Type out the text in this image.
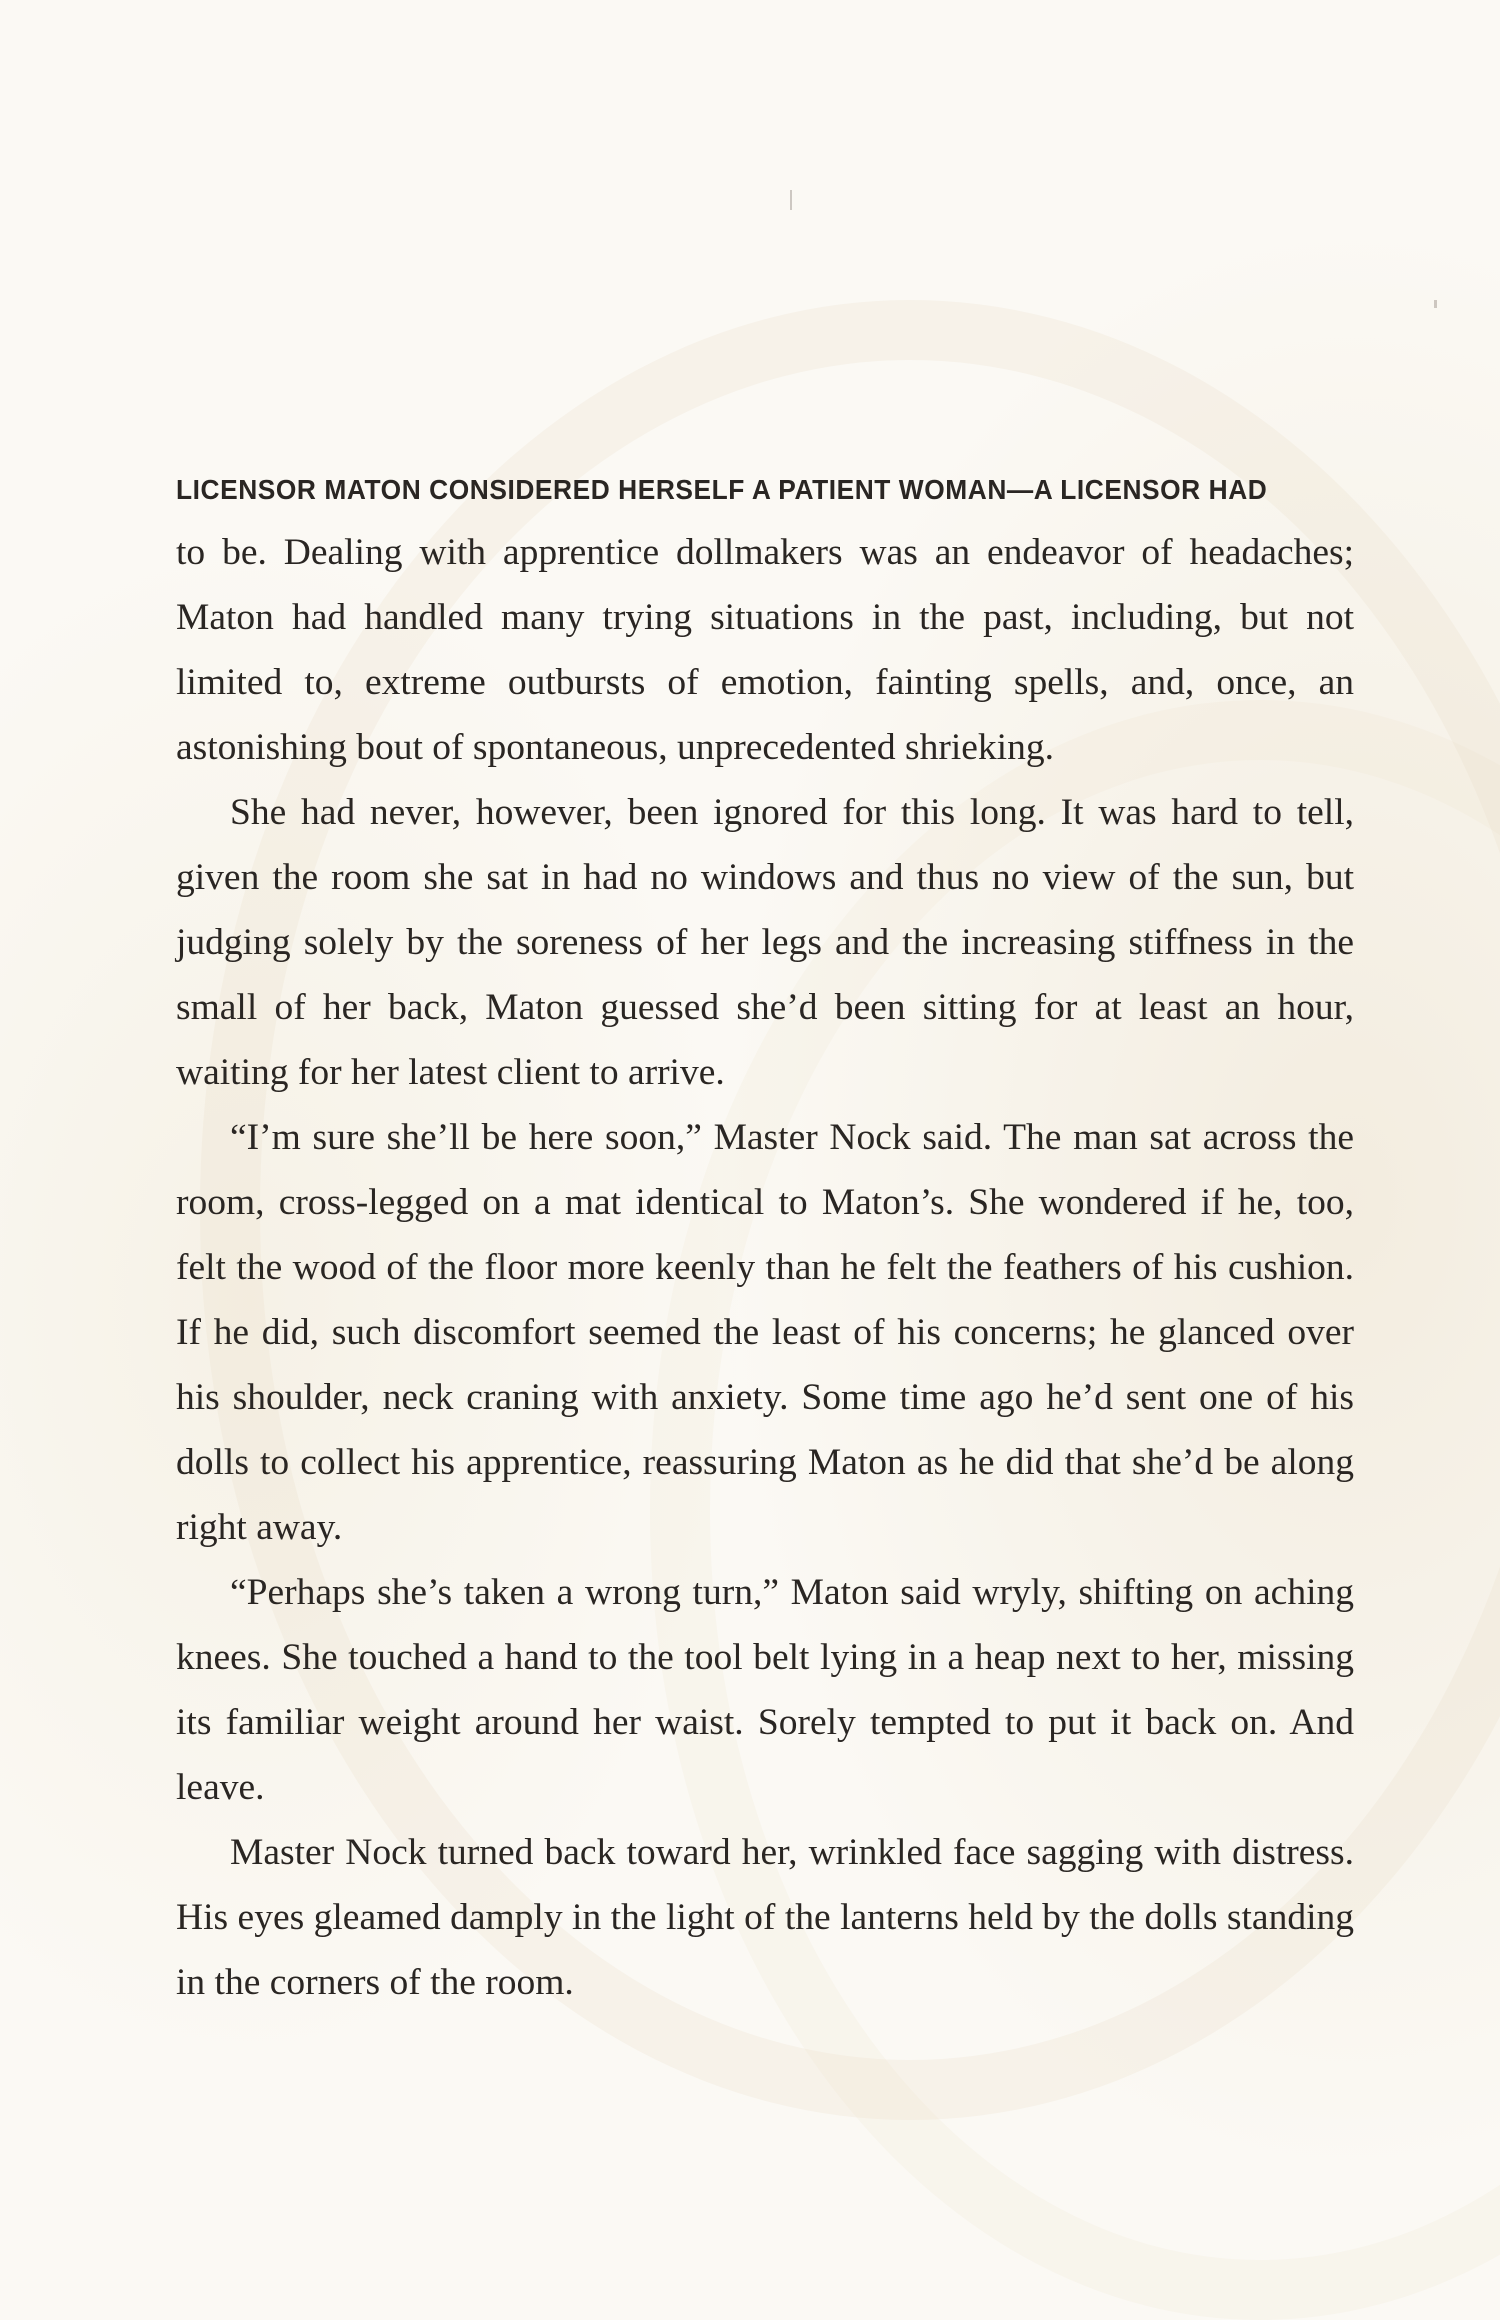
LICENSOR MATON CONSIDERED HERSELF A PATIENT WOMAN—A LICENSOR HAD

to be. Dealing with apprentice dollmakers was an endeavor of headaches; Maton had handled many trying situations in the past, including, but not limited to, extreme outbursts of emotion, fainting spells, and, once, an astonishing bout of spontaneous, unprecedented shrieking.

She had never, however, been ignored for this long. It was hard to tell, given the room she sat in had no windows and thus no view of the sun, but judging solely by the soreness of her legs and the increasing stiffness in the small of her back, Maton guessed she’d been sitting for at least an hour, waiting for her latest client to arrive.

“I’m sure she’ll be here soon,” Master Nock said. The man sat across the room, cross-legged on a mat identical to Maton’s. She wondered if he, too, felt the wood of the floor more keenly than he felt the feathers of his cushion. If he did, such discomfort seemed the least of his concerns; he glanced over his shoulder, neck craning with anxiety. Some time ago he’d sent one of his dolls to collect his apprentice, reassuring Maton as he did that she’d be along right away.

“Perhaps she’s taken a wrong turn,” Maton said wryly, shifting on aching knees. She touched a hand to the tool belt lying in a heap next to her, missing its familiar weight around her waist. Sorely tempted to put it back on. And leave.

Master Nock turned back toward her, wrinkled face sagging with distress. His eyes gleamed damply in the light of the lanterns held by the dolls standing in the corners of the room.
